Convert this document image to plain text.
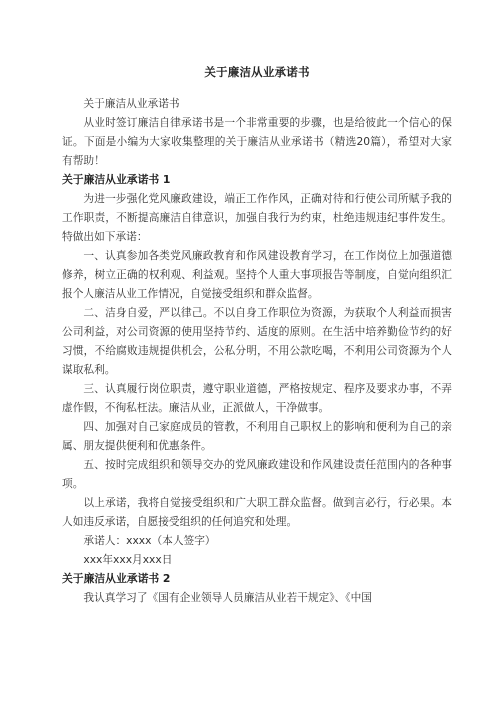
关于廉洁从业承诺书

关于廉洁从业承诺书

从业时签订廉洁自律承诺书是一个非常重要的步骤，也是给彼此一个信心的保证。下面是小编为大家收集整理的关于廉洁从业承诺书（精选20篇），希望对大家有帮助！

关于廉洁从业承诺书 1

为进一步强化党风廉政建设，端正工作作风，正确对待和行使公司所赋予我的工作职责，不断提高廉洁自律意识，加强自我行为约束，杜绝违规违纪事件发生。特做出如下承诺：

一、认真参加各类党风廉政教育和作风建设教育学习，在工作岗位上加强道德修养，树立正确的权利观、利益观。坚持个人重大事项报告等制度，自觉向组织汇报个人廉洁从业工作情况，自觉接受组织和群众监督。

二、洁身自爱，严以律己。不以自身工作职位为资源，为获取个人利益而损害公司利益，对公司资源的使用坚持节约、适度的原则。在生活中培养勤俭节约的好习惯，不给腐败违规提供机会，公私分明，不用公款吃喝，不利用公司资源为个人谋取私利。

三、认真履行岗位职责，遵守职业道德，严格按规定、程序及要求办事，不弄虚作假，不徇私枉法。廉洁从业，正派做人，干净做事。

四、加强对自己家庭成员的管教，不利用自己职权上的影响和便利为自己的亲属、朋友提供便利和优惠条件。

五、按时完成组织和领导交办的党风廉政建设和作风建设责任范围内的各种事项。

以上承诺，我将自觉接受组织和广大职工群众监督。做到言必行，行必果。本人如违反承诺，自愿接受组织的任何追究和处理。

承诺人：xxxx（本人签字）

xxx年xxx月xxx日

关于廉洁从业承诺书 2

我认真学习了《国有企业领导人员廉洁从业若干规定》、《中国
